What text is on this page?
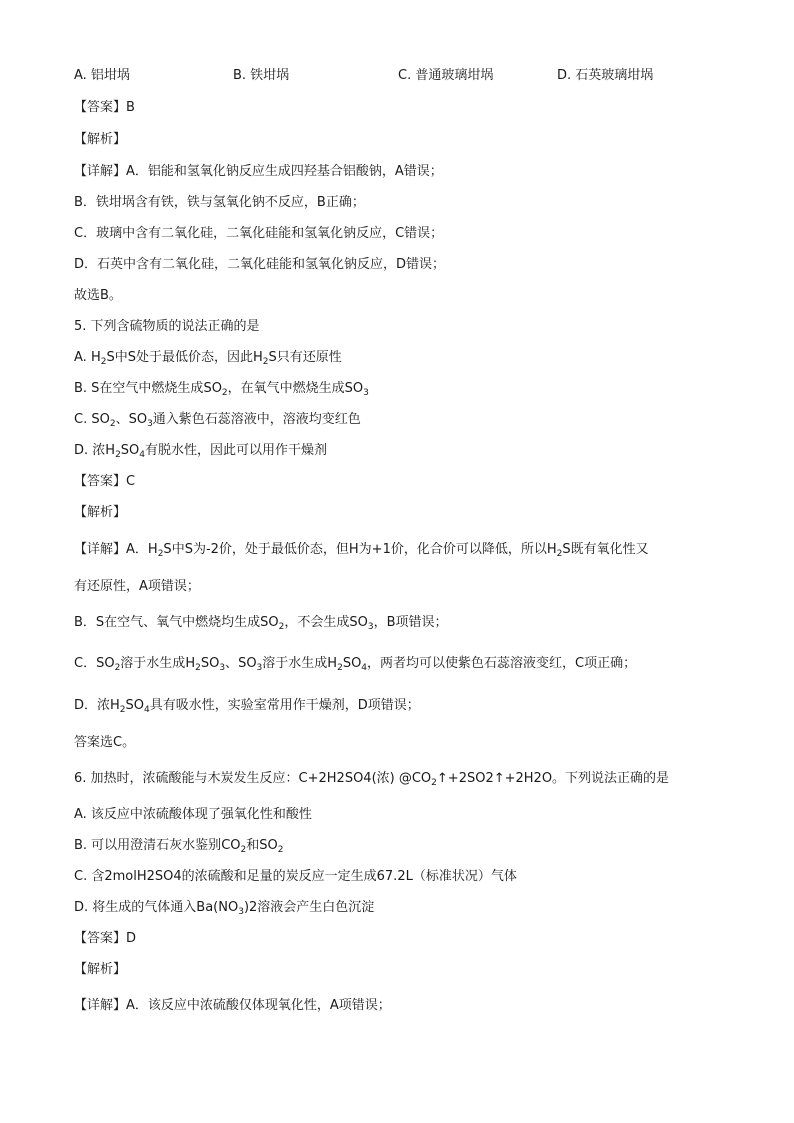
A. 铝坩埚	B. 铁坩埚	C. 普通玻璃坩埚	D. 石英玻璃坩埚
【答案】B
【解析】
【详解】A．铝能和氢氧化钠反应生成四羟基合铝酸钠，A错误；
B．铁坩埚含有铁，铁与氢氧化钠不反应，B正确；
C．玻璃中含有二氧化硅，二氧化硅能和氢氧化钠反应，C错误；
D．石英中含有二氧化硅，二氧化硅能和氢氧化钠反应，D错误；
故选B。
5. 下列含硫物质的说法正确的是
A. $H_2S$中S处于最低价态，因此$H_2S$只有还原性
B. S在空气中燃烧生成$SO_2$，在氧气中燃烧生成$SO_3$
C. $SO_2$、$SO_3$通入紫色石蕊溶液中，溶液均变红色
D. 浓$H_2SO_4$有脱水性，因此可以用作干燥剂
【答案】C
【解析】
【详解】A．$H_2S$中S为-2价，处于最低价态，但H为+1价，化合价可以降低，所以$H_2S$既有氧化性又
有还原性，A项错误；
B．S在空气、氧气中燃烧均生成$SO_2$，不会生成$SO_3$，B项错误；
C．$SO_2$溶于水生成$H_2SO_3$、$SO_3$溶于水生成$H_2SO_4$，两者均可以使紫色石蕊溶液变红，C项正确；
D．浓$H_2SO_4$具有吸水性，实验室常用作干燥剂，D项错误；
答案选C。
6. 加热时，浓硫酸能与木炭发生反应：C+2H2SO4(浓) $@CO_2↑+2SO2↑+2H2O$。下列说法正确的是
A. 该反应中浓硫酸体现了强氧化性和酸性
B. 可以用澄清石灰水鉴别$CO_2$和$SO_2$
C. 含2molH2SO4的浓硫酸和足量的炭反应一定生成67.2L（标准状况）气体
D. 将生成的气体通入$Ba(NO_3)2$溶液会产生白色沉淀
【答案】D
【解析】
【详解】A．该反应中浓硫酸仅体现氧化性，A项错误；
